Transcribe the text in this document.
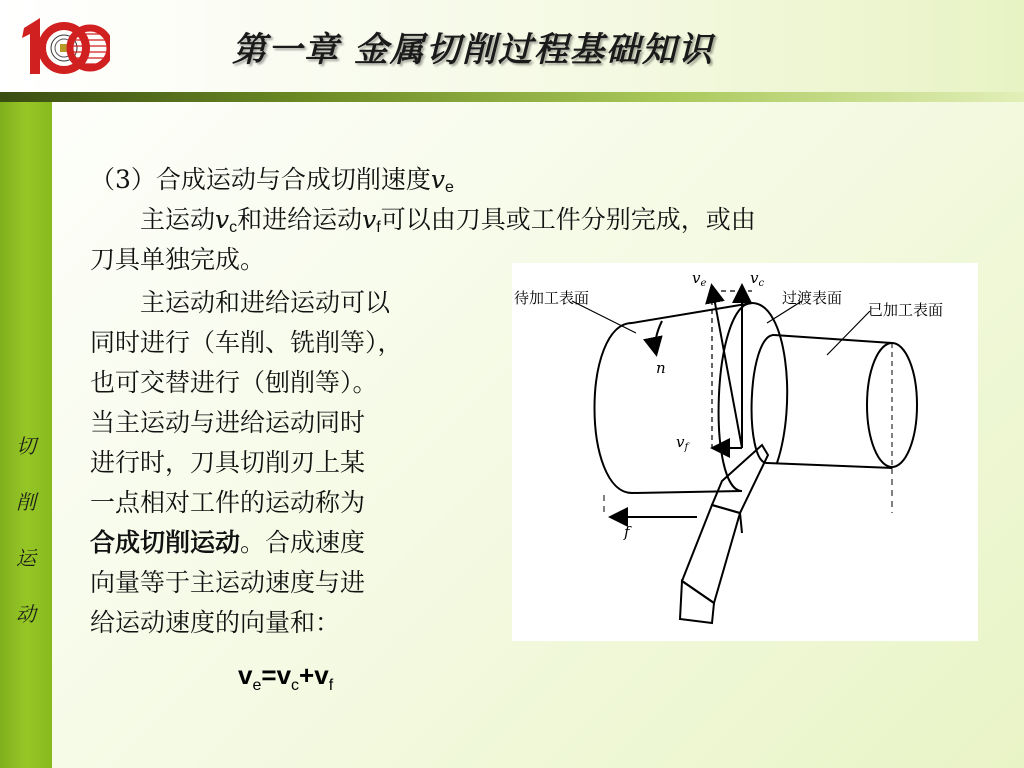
第一章 金属切削过程基础知识
切
削
运
动
（3）合成运动与合成切削速度$v_e$
主运动$v_c$和进给运动$v_f$可以由刀具或工件分别完成，或由
刀具单独完成。
主运动和进给运动可以
同时进行（车削、铣削等），
也可交替进行（刨削等）。
当主运动与进给运动同时
进行时，刀具切削刃上某
一点相对工件的运动称为
合成切削运动。合成速度
向量等于主运动速度与进
给运动速度的向量和：
待加工表面	过渡表面
已加工表面
$v_e$	$v_c$
$v_f$
n
f
$v_e=v_c+v_f$
